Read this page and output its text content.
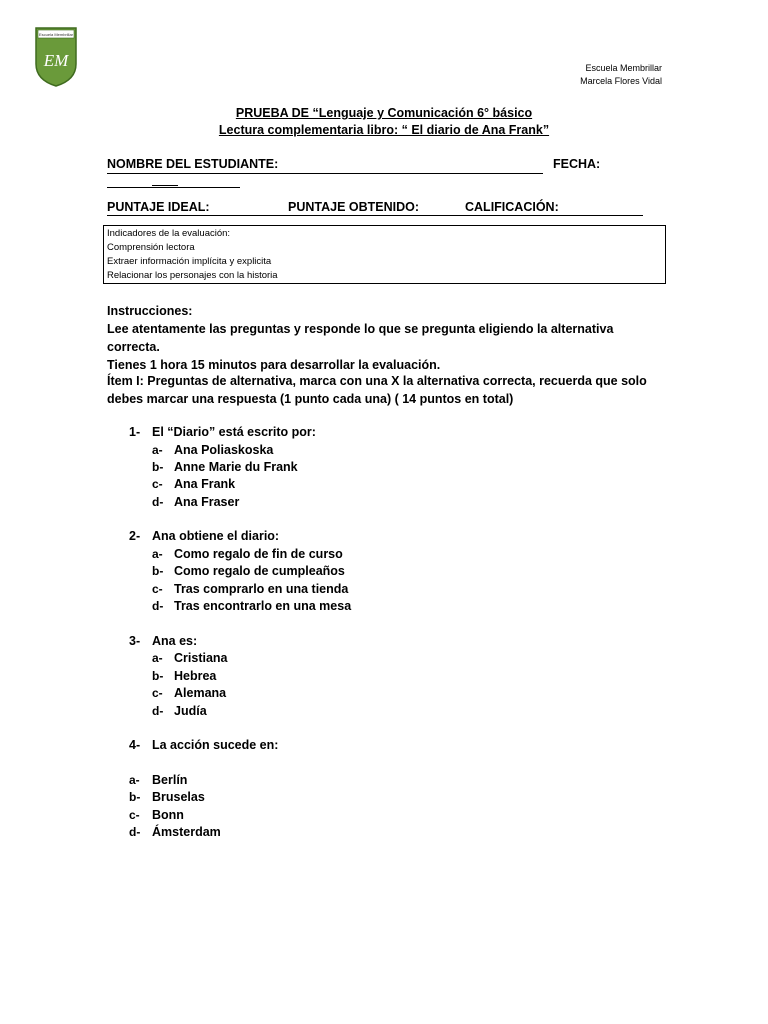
Escuela Membrillar
EM	Escuela Membrillar
Marcela Flores Vidal
PRUEBA DE “Lenguaje y Comunicación 6° básico
Lectura complementaria libro: “ El diario de Ana Frank”
NOMBRE DEL ESTUDIANTE:	FECHA:
PUNTAJE IDEAL:	PUNTAJE OBTENIDO:	CALIFICACIÓN:
Indicadores de la evaluación:
Comprensión lectora
Extraer información implícita y explicita
Relacionar los personajes con la historia
Instrucciones:
Lee atentamente las preguntas y responde lo que se pregunta eligiendo la alternativa correcta.
Tienes 1 hora 15 minutos para desarrollar la evaluación.
Ítem I: Preguntas de alternativa, marca con una X la alternativa correcta, recuerda que solo
debes marcar una respuesta (1 punto cada una) ( 14 puntos en total)
1- El “Diario” está escrito por:
a- Ana Poliaskoska
b- Anne Marie du Frank
c- Ana Frank
d- Ana Fraser
2- Ana obtiene el diario:
a- Como regalo de fin de curso
b- Como regalo de cumpleaños
c- Tras comprarlo en una tienda
d- Tras encontrarlo en una mesa
3- Ana es:
a- Cristiana
b- Hebrea
c- Alemana
d- Judía
4- La acción sucede en:
a- Berlín
b- Bruselas
c- Bonn
d- Ámsterdam
